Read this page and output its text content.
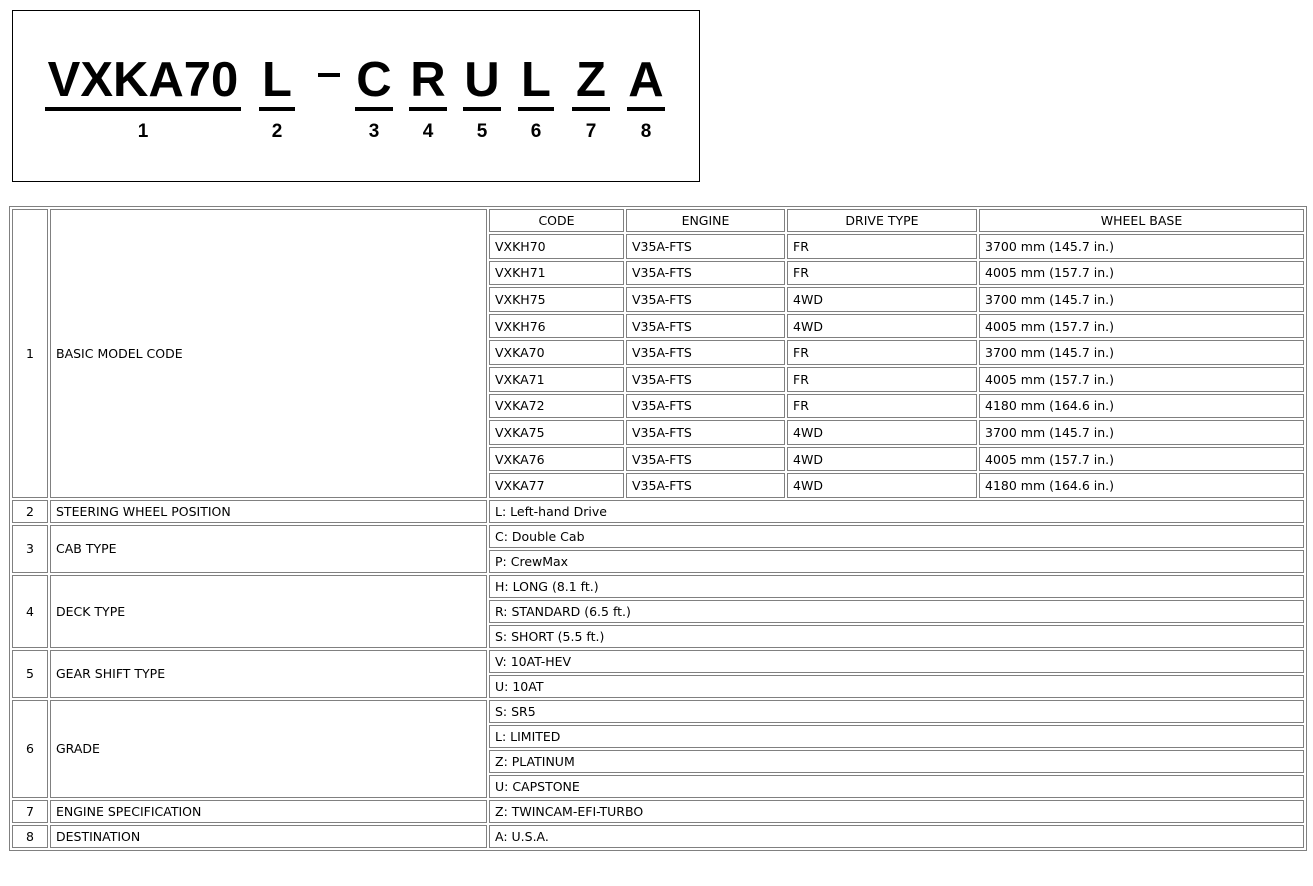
VXKA70
1
L
2
C
3
R
4
U
5
L
6
Z
7
A
8
1	BASIC MODEL CODE	
CODE	ENGINE	DRIVE TYPE	WHEEL BASE
VXKH70	V35A-FTS	FR	3700 mm (145.7 in.)
VXKH71	V35A-FTS	FR	4005 mm (157.7 in.)
VXKH75	V35A-FTS	4WD	3700 mm (145.7 in.)
VXKH76	V35A-FTS	4WD	4005 mm (157.7 in.)
VXKA70	V35A-FTS	FR	3700 mm (145.7 in.)
VXKA71	V35A-FTS	FR	4005 mm (157.7 in.)
VXKA72	V35A-FTS	FR	4180 mm (164.6 in.)
VXKA75	V35A-FTS	4WD	3700 mm (145.7 in.)
VXKA76	V35A-FTS	4WD	4005 mm (157.7 in.)
VXKA77	V35A-FTS	4WD	4180 mm (164.6 in.)

2	STEERING WHEEL POSITION	L: Left-hand Drive
3	CAB TYPE	C: Double Cab
P: CrewMax
4	DECK TYPE	H: LONG (8.1 ft.)
R: STANDARD (6.5 ft.)
S: SHORT (5.5 ft.)
5	GEAR SHIFT TYPE	V: 10AT-HEV
U: 10AT
6	GRADE	S: SR5
L: LIMITED
Z: PLATINUM
U: CAPSTONE
7	ENGINE SPECIFICATION	Z: TWINCAM-EFI-TURBO
8	DESTINATION	A: U.S.A.
